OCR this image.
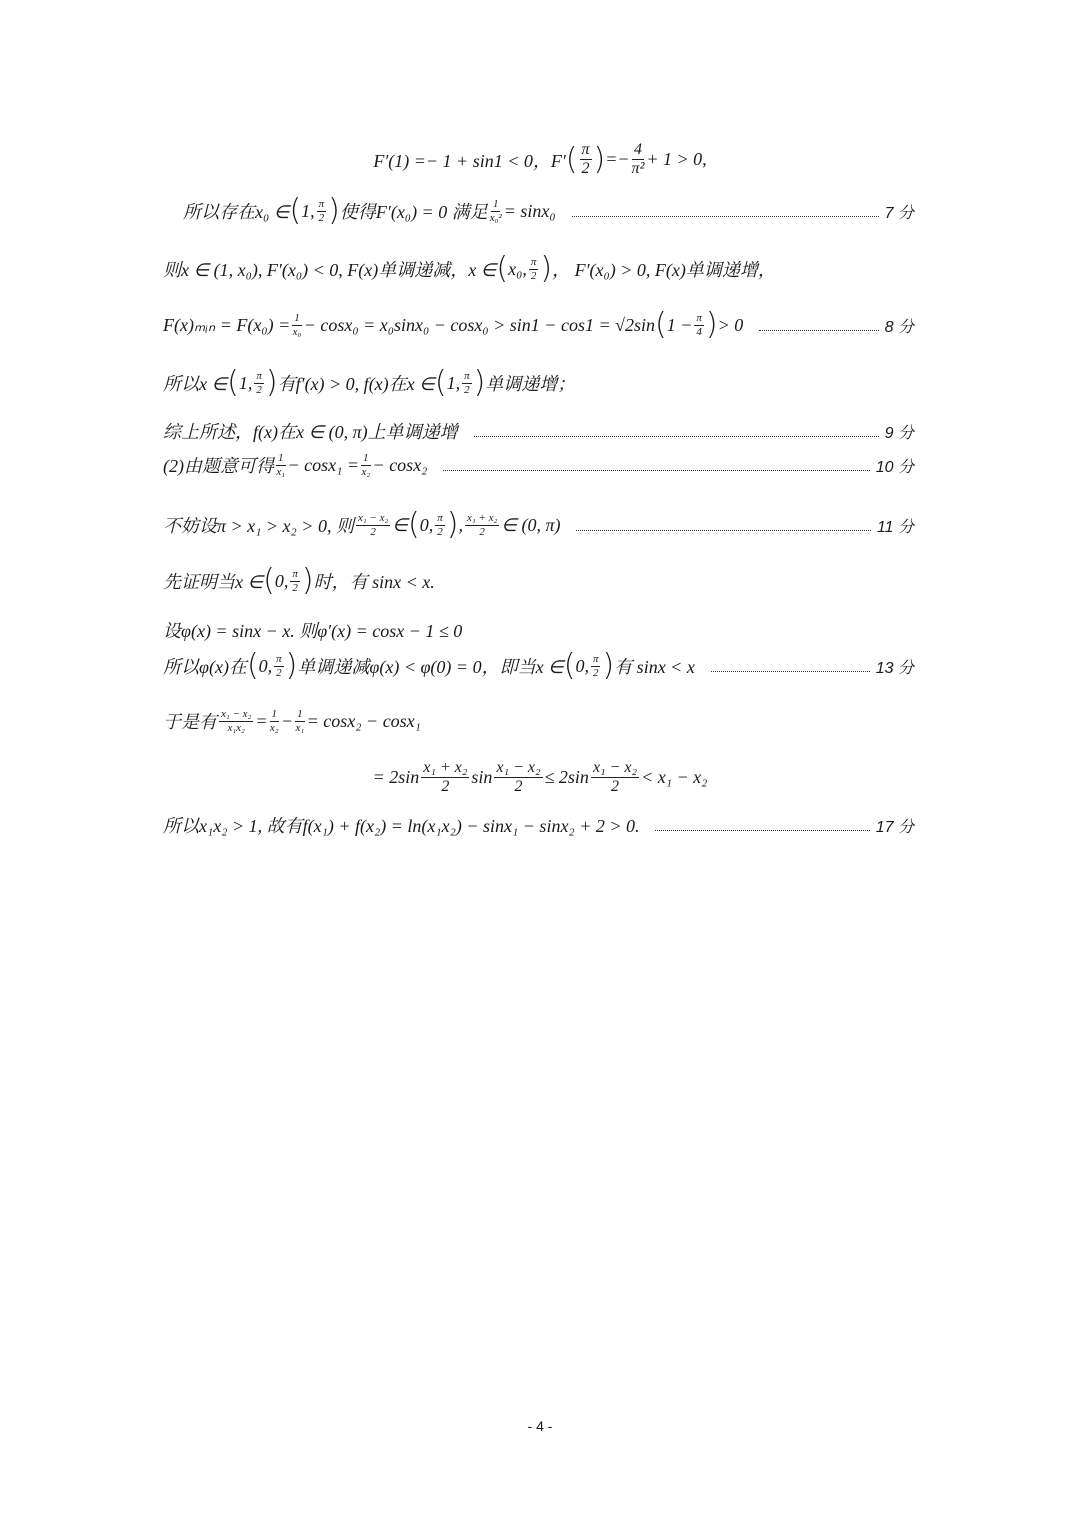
F′(1) =− 1 + sin1 < 0，F′ ( $\frac{\pi}{2}$ ) =− $\frac{4}{\text{π²}} + 1 > 0$,
所以存在x₀ ∈ ( 1, $\frac{\pi}{2}$ ) 使得F′(x₀) = 0 满足 $\frac{1}{\text{x₀²}} = \sin x_0$	7 分
则x ∈ (1, x₀), F′(x₀) < 0, F(x)单调递减，x ∈ ( x₀, $\frac{\pi}{2}$ ) ， F′(x₀) > 0, F(x)单调递增，
F(x)ₘᵢₙ = $F(x_0) = \frac{1}{\text{x₀}} - \cos x_0 = x_0\sin x_0 - \cos x_0 > \sin 1 - \cos 1 = √2\sin$ ( $1 - \frac{\pi}{4}$ ) > 0	8 分
所以x ∈ ( 1, $\frac{\pi}{2}$ ) 有f′(x) > 0, f(x)在x ∈ ( 1, $\frac{\pi}{2}$ ) 单调递增；
综上所述，f(x)在x ∈ (0, π)上单调递增	9 分
(2)由题意可得 $\frac{1}{\text{x₁}} - \cos x_1 = \frac{1}{\text{x₂}} - \cos x_2$	10 分
不妨设π > x₁ > x₂ > 0, 则 $\frac{\text{x₁ − x₂}}{2}$ ∈ ( 0, $\frac{\pi}{2}$ ) , $\frac{\text{x₁ + x₂}}{2}$ ∈ (0, π)	11 分
先证明当x ∈ ( 0, $\frac{\pi}{2}$ ) 时，有 sinx < x.
设φ(x) = sinx − x. 则φ′(x) = cosx − 1 ≤ 0
所以φ(x)在 ( 0, $\frac{\pi}{2}$ ) 单调递减φ(x) < φ(0) = 0，即当x ∈ ( 0, $\frac{\pi}{2}$ ) 有 sinx < x	13 分
于是有 $\frac{\text{x₁ − x₂}}{\text{x₁x₂}} = \frac{1}{\text{x₂}} - \frac{1}{\text{x₁}} = \cos x_2 - \cos x_1$
= $2\sin \frac{\text{x₁ + x₂}}{2}$ $\sin \frac{\text{x₁ − x₂}}{2} \le 2\sin \frac{\text{x₁ − x₂}}{2} < x_1 - x_2$
所以x₁x₂ > 1, 故有f(x₁) + f(x₂) = ln(x₁x₂) − sinx₁ − sinx₂ + 2 > 0.	17 分
- 4 -
